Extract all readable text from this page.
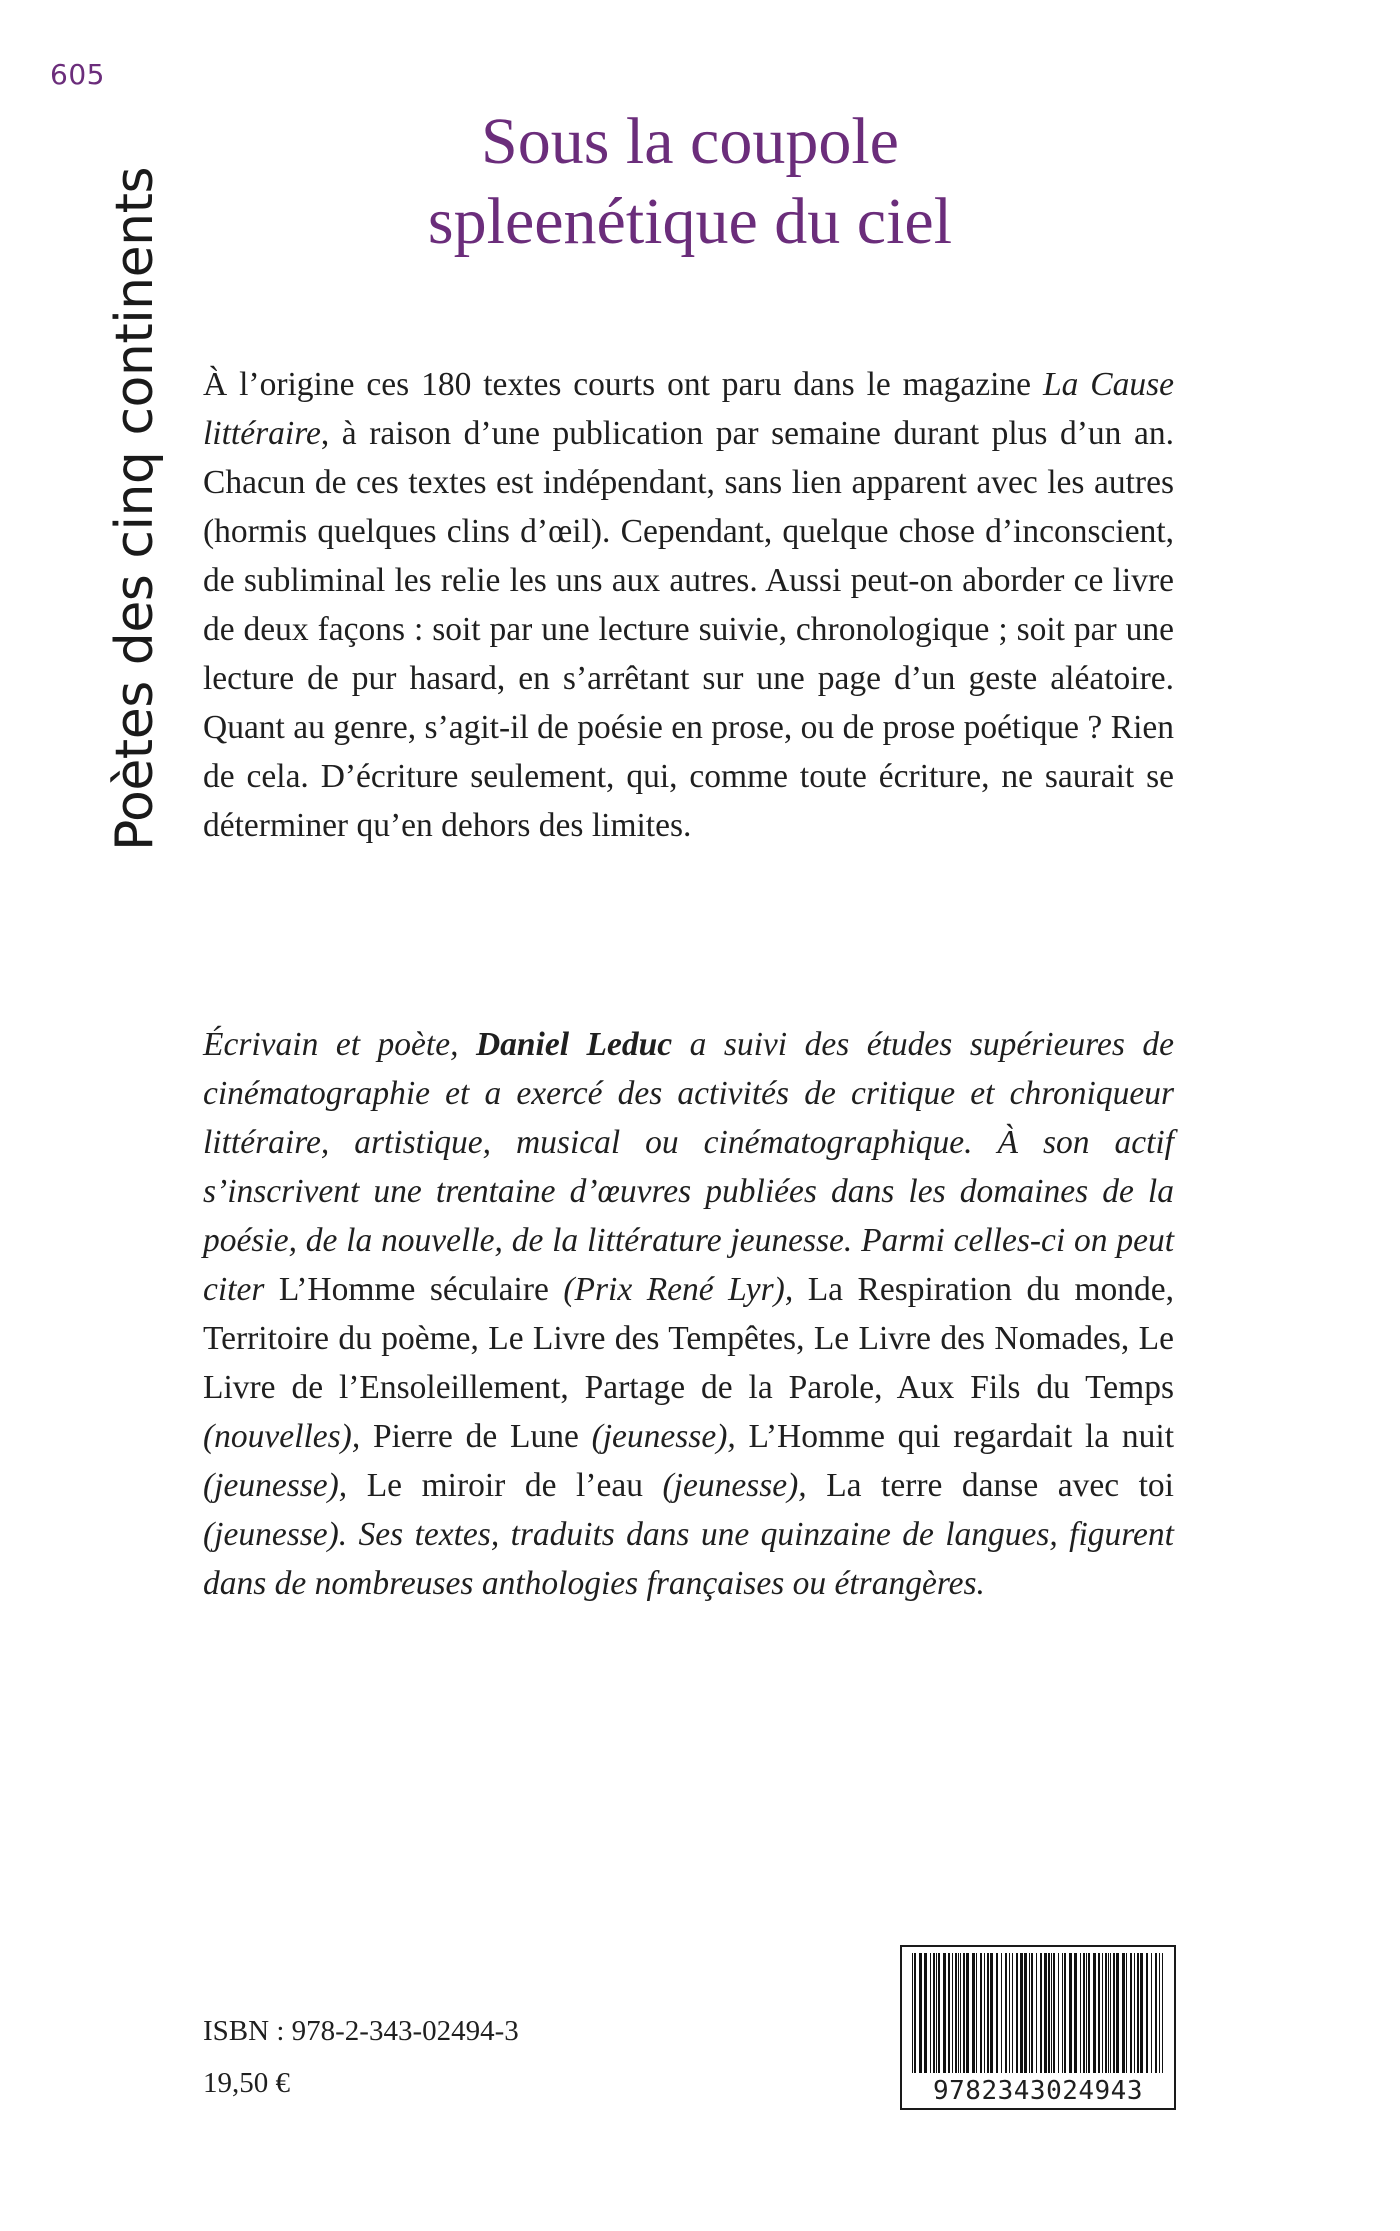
605
Poètes des cinq continents
Sous la coupole
spleenétique du ciel

À l’origine ces 180 textes courts ont paru dans le magazine La Cause littéraire, à raison d’une publication par semaine durant plus d’un an. Chacun de ces textes est indépendant, sans lien apparent avec les autres (hormis quelques clins d’œil). Cependant, quelque chose d’inconscient, de subliminal les relie les uns aux autres. Aussi peut-on aborder ce livre de deux façons : soit par une lecture suivie, chronologique ; soit par une lecture de pur hasard, en s’arrêtant sur une page d’un geste aléatoire. Quant au genre, s’agit-il de poésie en prose, ou de prose poétique ? Rien de cela. D’écriture seulement, qui, comme toute écriture, ne saurait se déterminer qu’en dehors des limites.

Écrivain et poète, Daniel Leduc a suivi des études supérieures de cinématographie et a exercé des activités de critique et chroniqueur littéraire, artistique, musical ou cinématographique. À son actif s’inscrivent une trentaine d’œuvres publiées dans les domaines de la poésie, de la nouvelle, de la littérature jeunesse. Parmi celles-ci on peut citer L’Homme séculaire (Prix René Lyr), La Respiration du monde, Territoire du poème, Le Livre des Tempêtes, Le Livre des Nomades, Le Livre de l’Ensoleillement, Partage de la Parole, Aux Fils du Temps (nouvelles), Pierre de Lune (jeunesse), L’Homme qui regardait la nuit (jeunesse), Le miroir de l’eau (jeunesse), La terre danse avec toi (jeunesse). Ses textes, traduits dans une quinzaine de langues, figurent dans de nombreuses anthologies françaises ou étrangères.

ISBN : 978-2-343-02494-3
19,50 €	9782343024943
